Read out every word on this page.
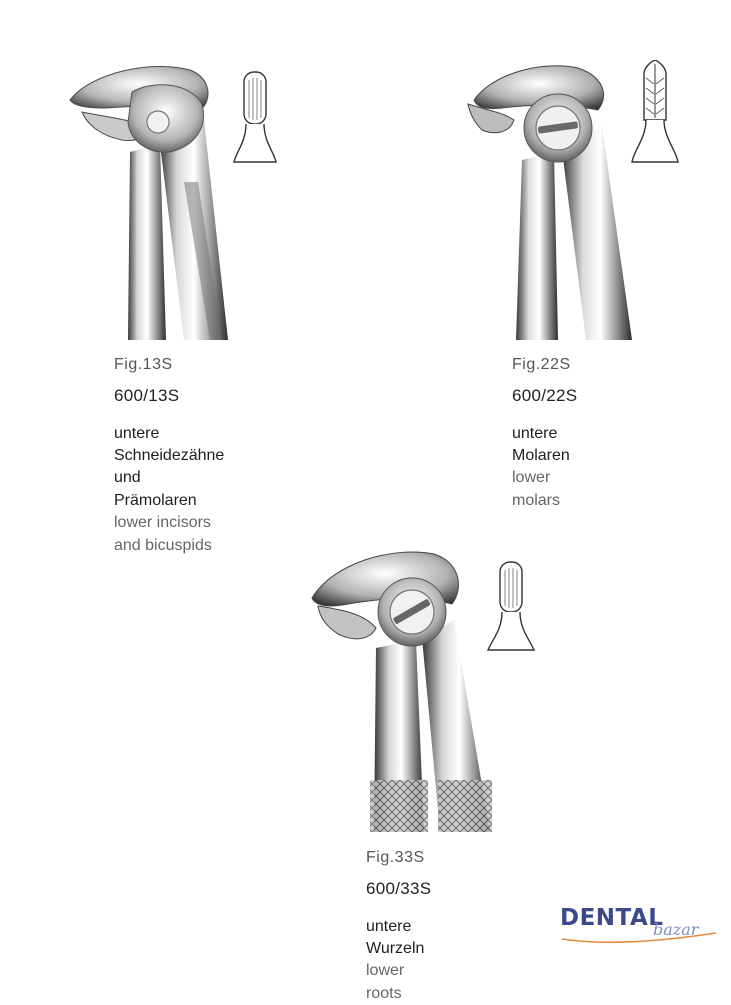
Fig.13S
600/13S
untere Schneidezähne
und Prämolaren
lower incisors and bicuspids
Fig.22S
600/22S
untere Molaren
lower molars
Fig.33S
600/33S
untere Wurzeln
lower roots
DENTAL
bazar
